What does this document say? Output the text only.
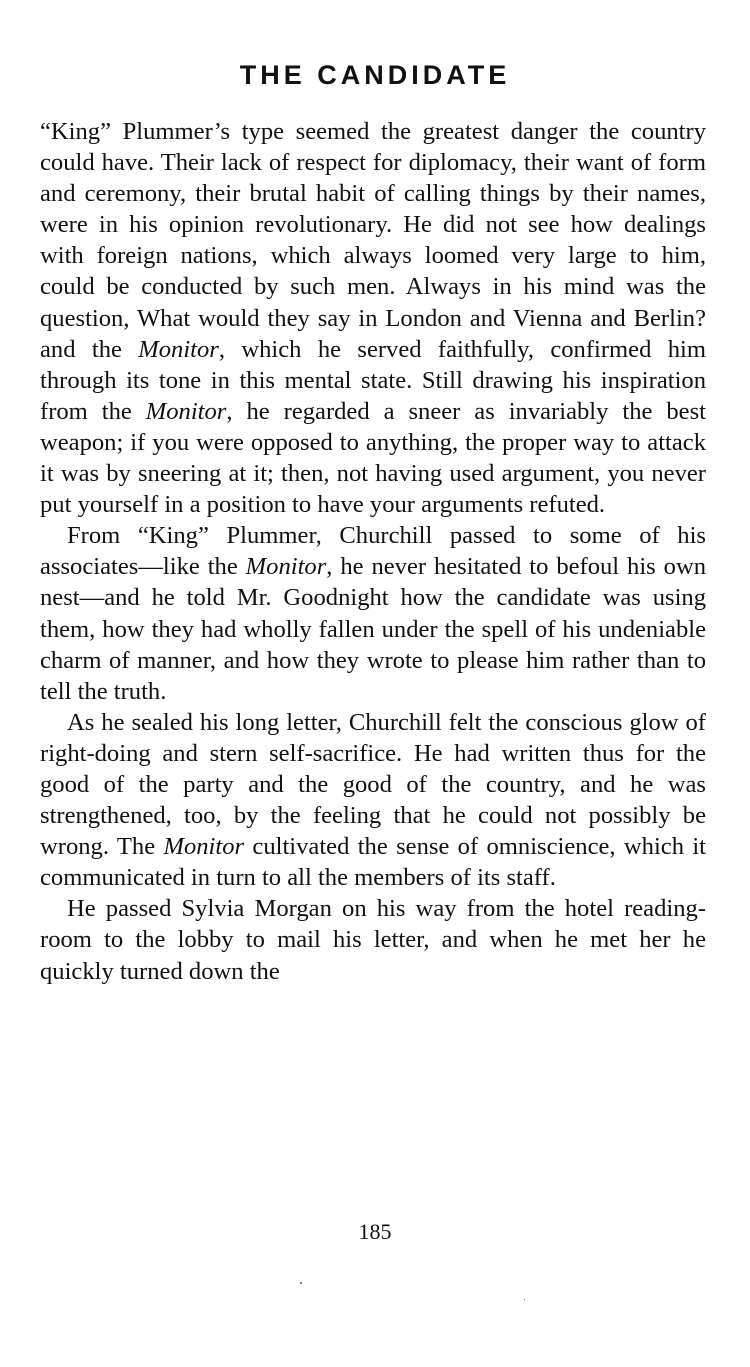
THE CANDIDATE

“King” Plummer’s type seemed the greatest danger the country could have. Their lack of respect for diplomacy, their want of form and ceremony, their brutal habit of calling things by their names, were in his opinion revolutionary. He did not see how dealings with foreign nations, which always loomed very large to him, could be conducted by such men. Always in his mind was the question, What would they say in London and Vienna and Berlin? and the Monitor, which he served faithfully, confirmed him through its tone in this mental state. Still drawing his inspiration from the Monitor, he regarded a sneer as invariably the best weapon; if you were opposed to anything, the proper way to attack it was by sneering at it; then, not having used argument, you never put yourself in a position to have your arguments refuted.

From “King” Plummer, Churchill passed to some of his associates—like the Monitor, he never hesitated to befoul his own nest—and he told Mr. Goodnight how the candidate was using them, how they had wholly fallen under the spell of his undeniable charm of manner, and how they wrote to please him rather than to tell the truth.

As he sealed his long letter, Churchill felt the conscious glow of right-doing and stern self-sacrifice. He had written thus for the good of the party and the good of the country, and he was strengthened, too, by the feeling that he could not possibly be wrong. The Monitor cultivated the sense of omniscience, which it communicated in turn to all the members of its staff.

He passed Sylvia Morgan on his way from the hotel reading-room to the lobby to mail his letter, and when he met her he quickly turned down the

185
